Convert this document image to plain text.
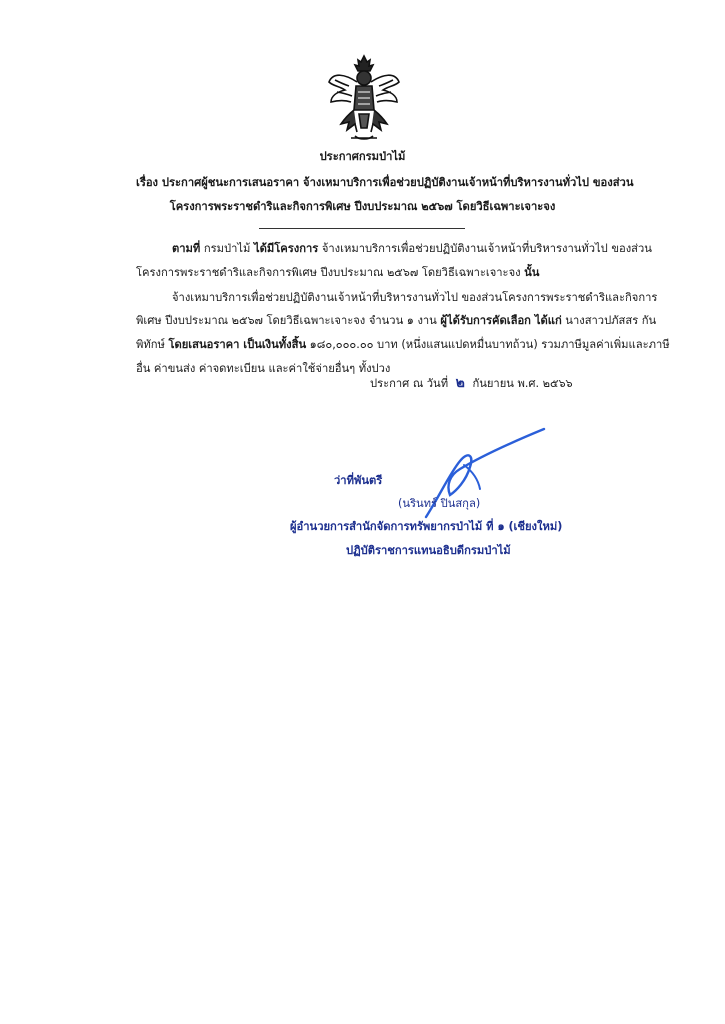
ประกาศกรมป่าไม้
เรื่อง ประกาศผู้ชนะการเสนอราคา จ้างเหมาบริการเพื่อช่วยปฏิบัติงานเจ้าหน้าที่บริหารงานทั่วไป ของส่วน
โครงการพระราชดำริและกิจการพิเศษ ปีงบประมาณ ๒๕๖๗ โดยวิธีเฉพาะเจาะจง
ตามที่ กรมป่าไม้ ได้มีโครงการ จ้างเหมาบริการเพื่อช่วยปฏิบัติงานเจ้าหน้าที่บริหารงานทั่วไป ของส่วน
โครงการพระราชดำริและกิจการพิเศษ ปีงบประมาณ ๒๕๖๗ โดยวิธีเฉพาะเจาะจง นั้น
จ้างเหมาบริการเพื่อช่วยปฏิบัติงานเจ้าหน้าที่บริหารงานทั่วไป ของส่วนโครงการพระราชดำริและกิจการ
พิเศษ ปีงบประมาณ ๒๕๖๗ โดยวิธีเฉพาะเจาะจง จำนวน ๑ งาน ผู้ได้รับการคัดเลือก ได้แก่ นางสาวปภัสสร กัน
พิทักษ์ โดยเสนอราคา เป็นเงินทั้งสิ้น ๑๘๐,๐๐๐.๐๐ บาท (หนึ่งแสนแปดหมื่นบาทถ้วน) รวมภาษีมูลค่าเพิ่มและภาษี
อื่น ค่าขนส่ง ค่าจดทะเบียน และค่าใช้จ่ายอื่นๆ ทั้งปวง
ประกาศ ณ วันที่ ๒ กันยายน พ.ศ. ๒๕๖๖
ว่าที่พันตรี
(นรินทร์ ปินสกุล)
ผู้อำนวยการสำนักจัดการทรัพยากรป่าไม้ ที่ ๑ (เชียงใหม่)
ปฏิบัติราชการแทนอธิบดีกรมป่าไม้
